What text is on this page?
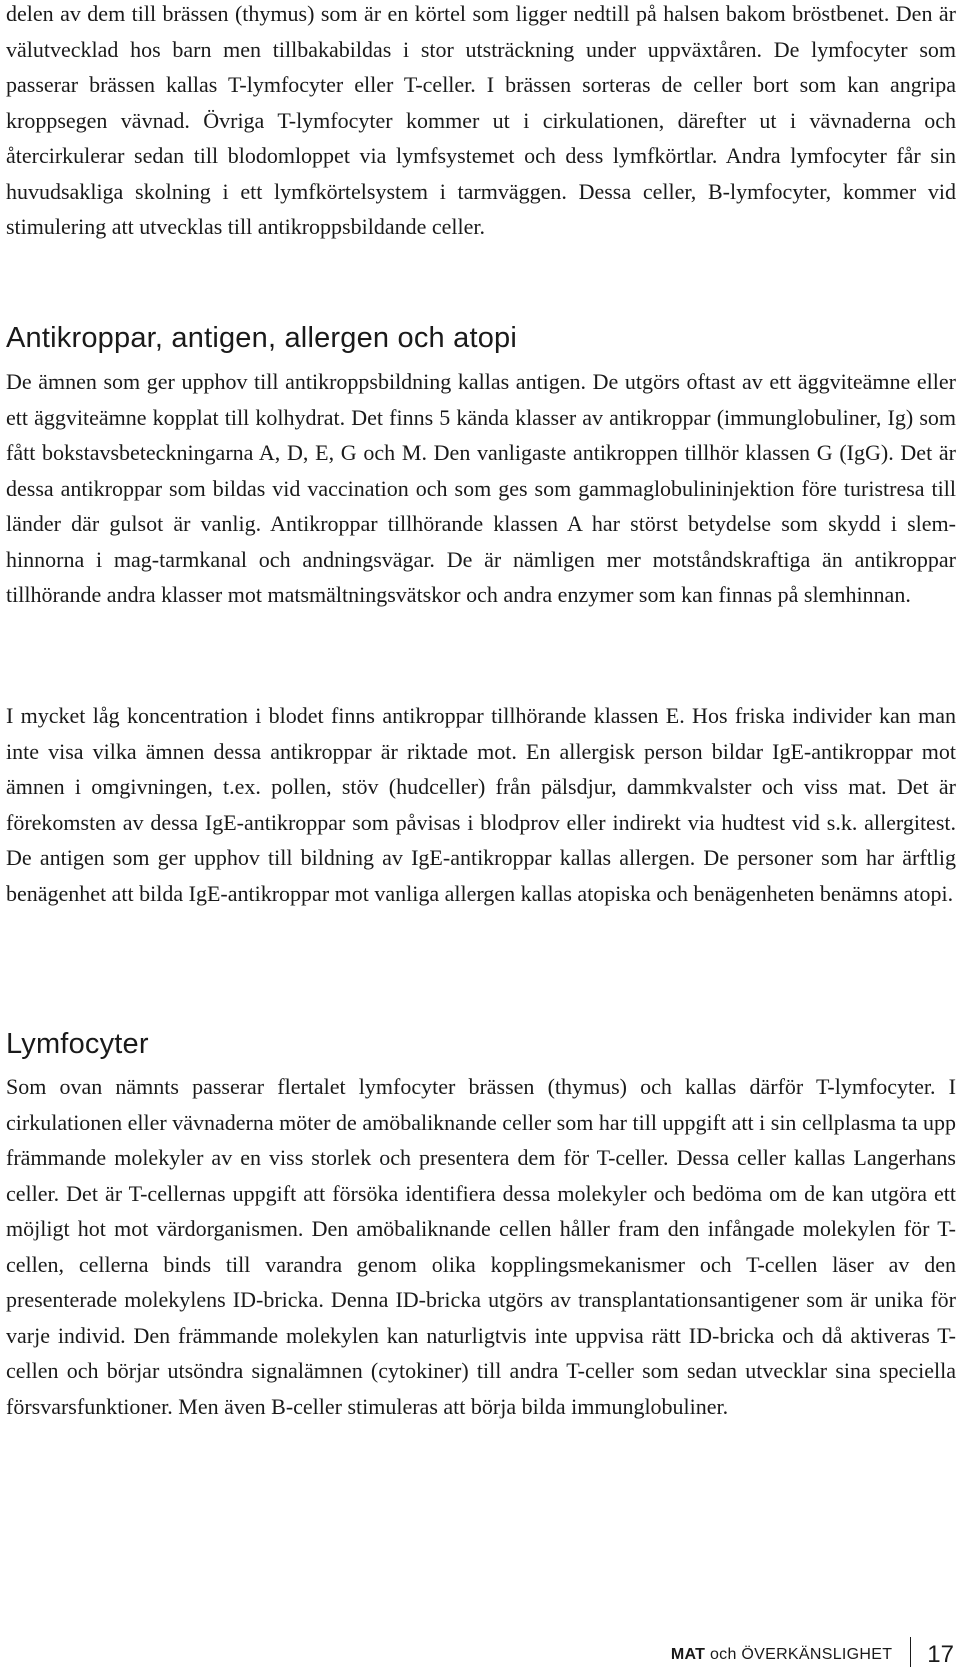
delen av dem till brässen (thymus) som är en körtel som ligger nedtill på halsen bakom bröstbenet. Den är välutvecklad hos barn men tillbakabildas i stor utsträckning under uppväxtåren. De lymfocyter som passerar brässen kallas T-lymfocyter eller T-celler. I brässen sorteras de celler bort som kan angripa kroppsegen vävnad. Övriga T-lymfocyter kommer ut i cirkulationen, därefter ut i vävnaderna och återcirkulerar sedan till blodomloppet via lymfsystemet och dess lymfkörtlar. Andra lymfocyter får sin huvudsakliga skolning i ett lymfkörtelsystem i tarmväggen. Dessa celler, B-lymfocyter, kommer vid stimulering att utvecklas till antikroppsbildande celler.

Antikroppar, antigen, allergen och atopi

De ämnen som ger upphov till antikroppsbildning kallas antigen. De utgörs oftast av ett äggviteämne eller ett äggviteämne kopplat till kolhydrat. Det finns 5 kända klasser av antikroppar (immunglobuliner, Ig) som fått bokstavsbeteckningarna A, D, E, G och M. Den vanligaste antikroppen tillhör klassen G (IgG). Det är dessa antikroppar som bildas vid vaccination och som ges som gammaglobulininjektion före turistresa till länder där gulsot är vanlig. Antikroppar tillhörande klassen A har störst betydelse som skydd i slemhinnorna i mag-tarmkanal och andningsvägar. De är nämligen mer motståndskraftiga än antikroppar tillhörande andra klasser mot matsmältningsvätskor och andra enzymer som kan finnas på slemhinnan.

I mycket låg koncentration i blodet finns antikroppar tillhörande klassen E. Hos friska individer kan man inte visa vilka ämnen dessa antikroppar är riktade mot. En allergisk person bildar IgE-antikroppar mot ämnen i omgivningen, t.ex. pollen, stöv (hudceller) från pälsdjur, dammkvalster och viss mat. Det är förekomsten av dessa IgE-antikroppar som påvisas i blodprov eller indirekt via hudtest vid s.k. allergitest. De antigen som ger upphov till bildning av IgE-antikroppar kallas allergen. De personer som har ärftlig benägenhet att bilda IgE-antikroppar mot vanliga allergen kallas atopiska och benägenheten benämns atopi.

Lymfocyter

Som ovan nämnts passerar flertalet lymfocyter brässen (thymus) och kallas därför T-lymfocyter. I cirkulationen eller vävnaderna möter de amöbaliknande celler som har till uppgift att i sin cellplasma ta upp främmande molekyler av en viss storlek och presentera dem för T-celler. Dessa celler kallas Langerhans celler. Det är T-cellernas uppgift att försöka identifiera dessa molekyler och bedöma om de kan utgöra ett möjligt hot mot värdorganismen. Den amöbaliknande cellen håller fram den infångade molekylen för T-cellen, cellerna binds till varandra genom olika kopplingsmekanismer och T-cellen läser av den presenterade molekylens ID-bricka. Denna ID-bricka utgörs av transplantationsantigener som är unika för varje individ. Den främmande molekylen kan naturligtvis inte uppvisa rätt ID-bricka och då aktiveras T-cellen och börjar utsöndra signalämnen (cytokiner) till andra T-celler som sedan utvecklar sina speciella försvarsfunktioner. Men även B-celler stimuleras att börja bilda immunglobuliner.

MAT och ÖVERKÄNSLIGHET 17
